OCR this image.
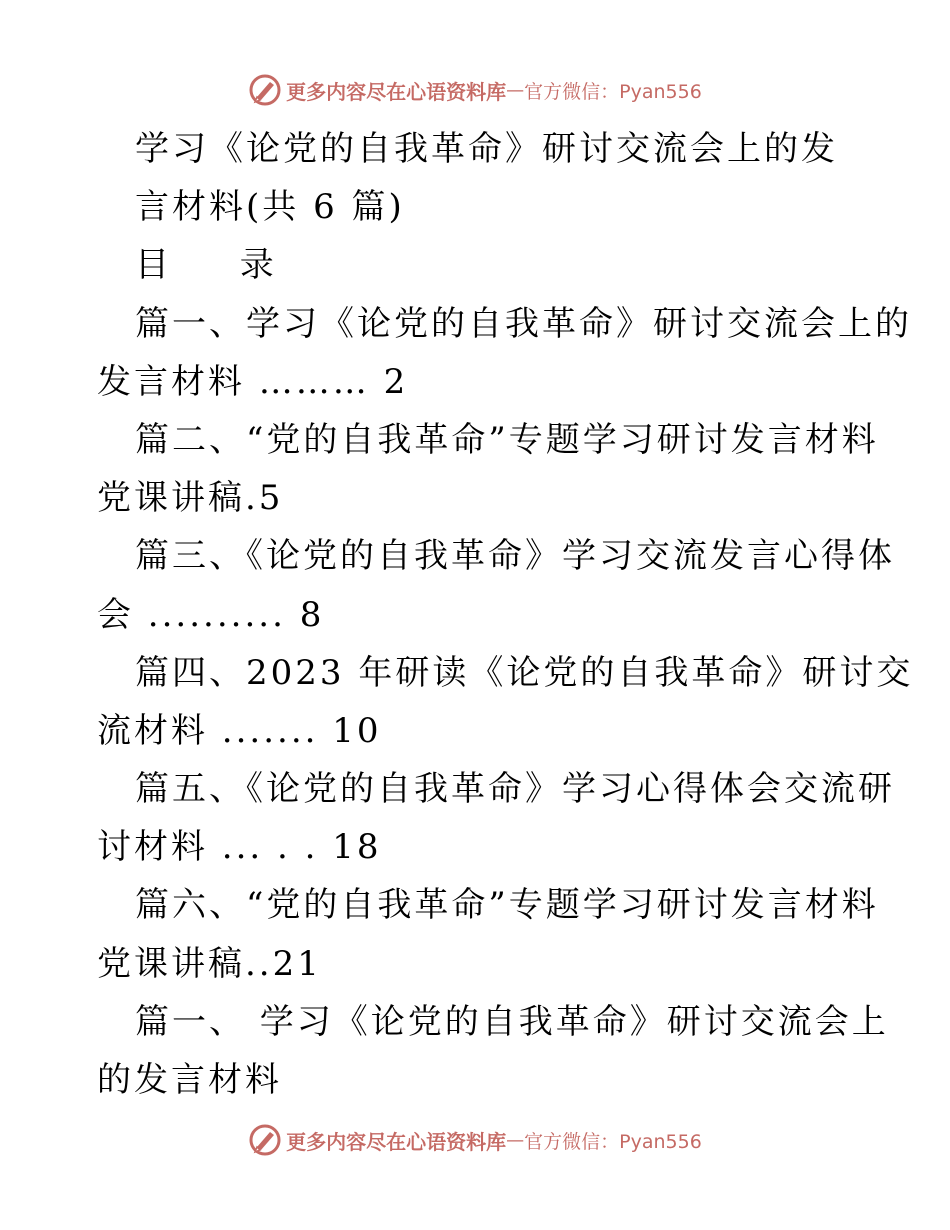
更多内容尽在心语资料库 — 官方微信：Pyan556
学习《论党的自我革命》研讨交流会上的发
言材料(共 6 篇)
目 录
篇一、学习《论党的自我革命》研讨交流会上的
发言材料 ……… 2
篇二、“党的自我革命”专题学习研讨发言材料
党课讲稿.5
篇三、《论党的自我革命》学习交流发言心得体
会 .......... 8
篇四、2023 年研读《论党的自我革命》研讨交
流材料 ....... 10
篇五、《论党的自我革命》学习心得体会交流研
讨材料 ... . . 18
篇六、“党的自我革命”专题学习研讨发言材料
党课讲稿..21
篇一、 学习《论党的自我革命》研讨交流会上
的发言材料
更多内容尽在心语资料库 — 官方微信：Pyan556
